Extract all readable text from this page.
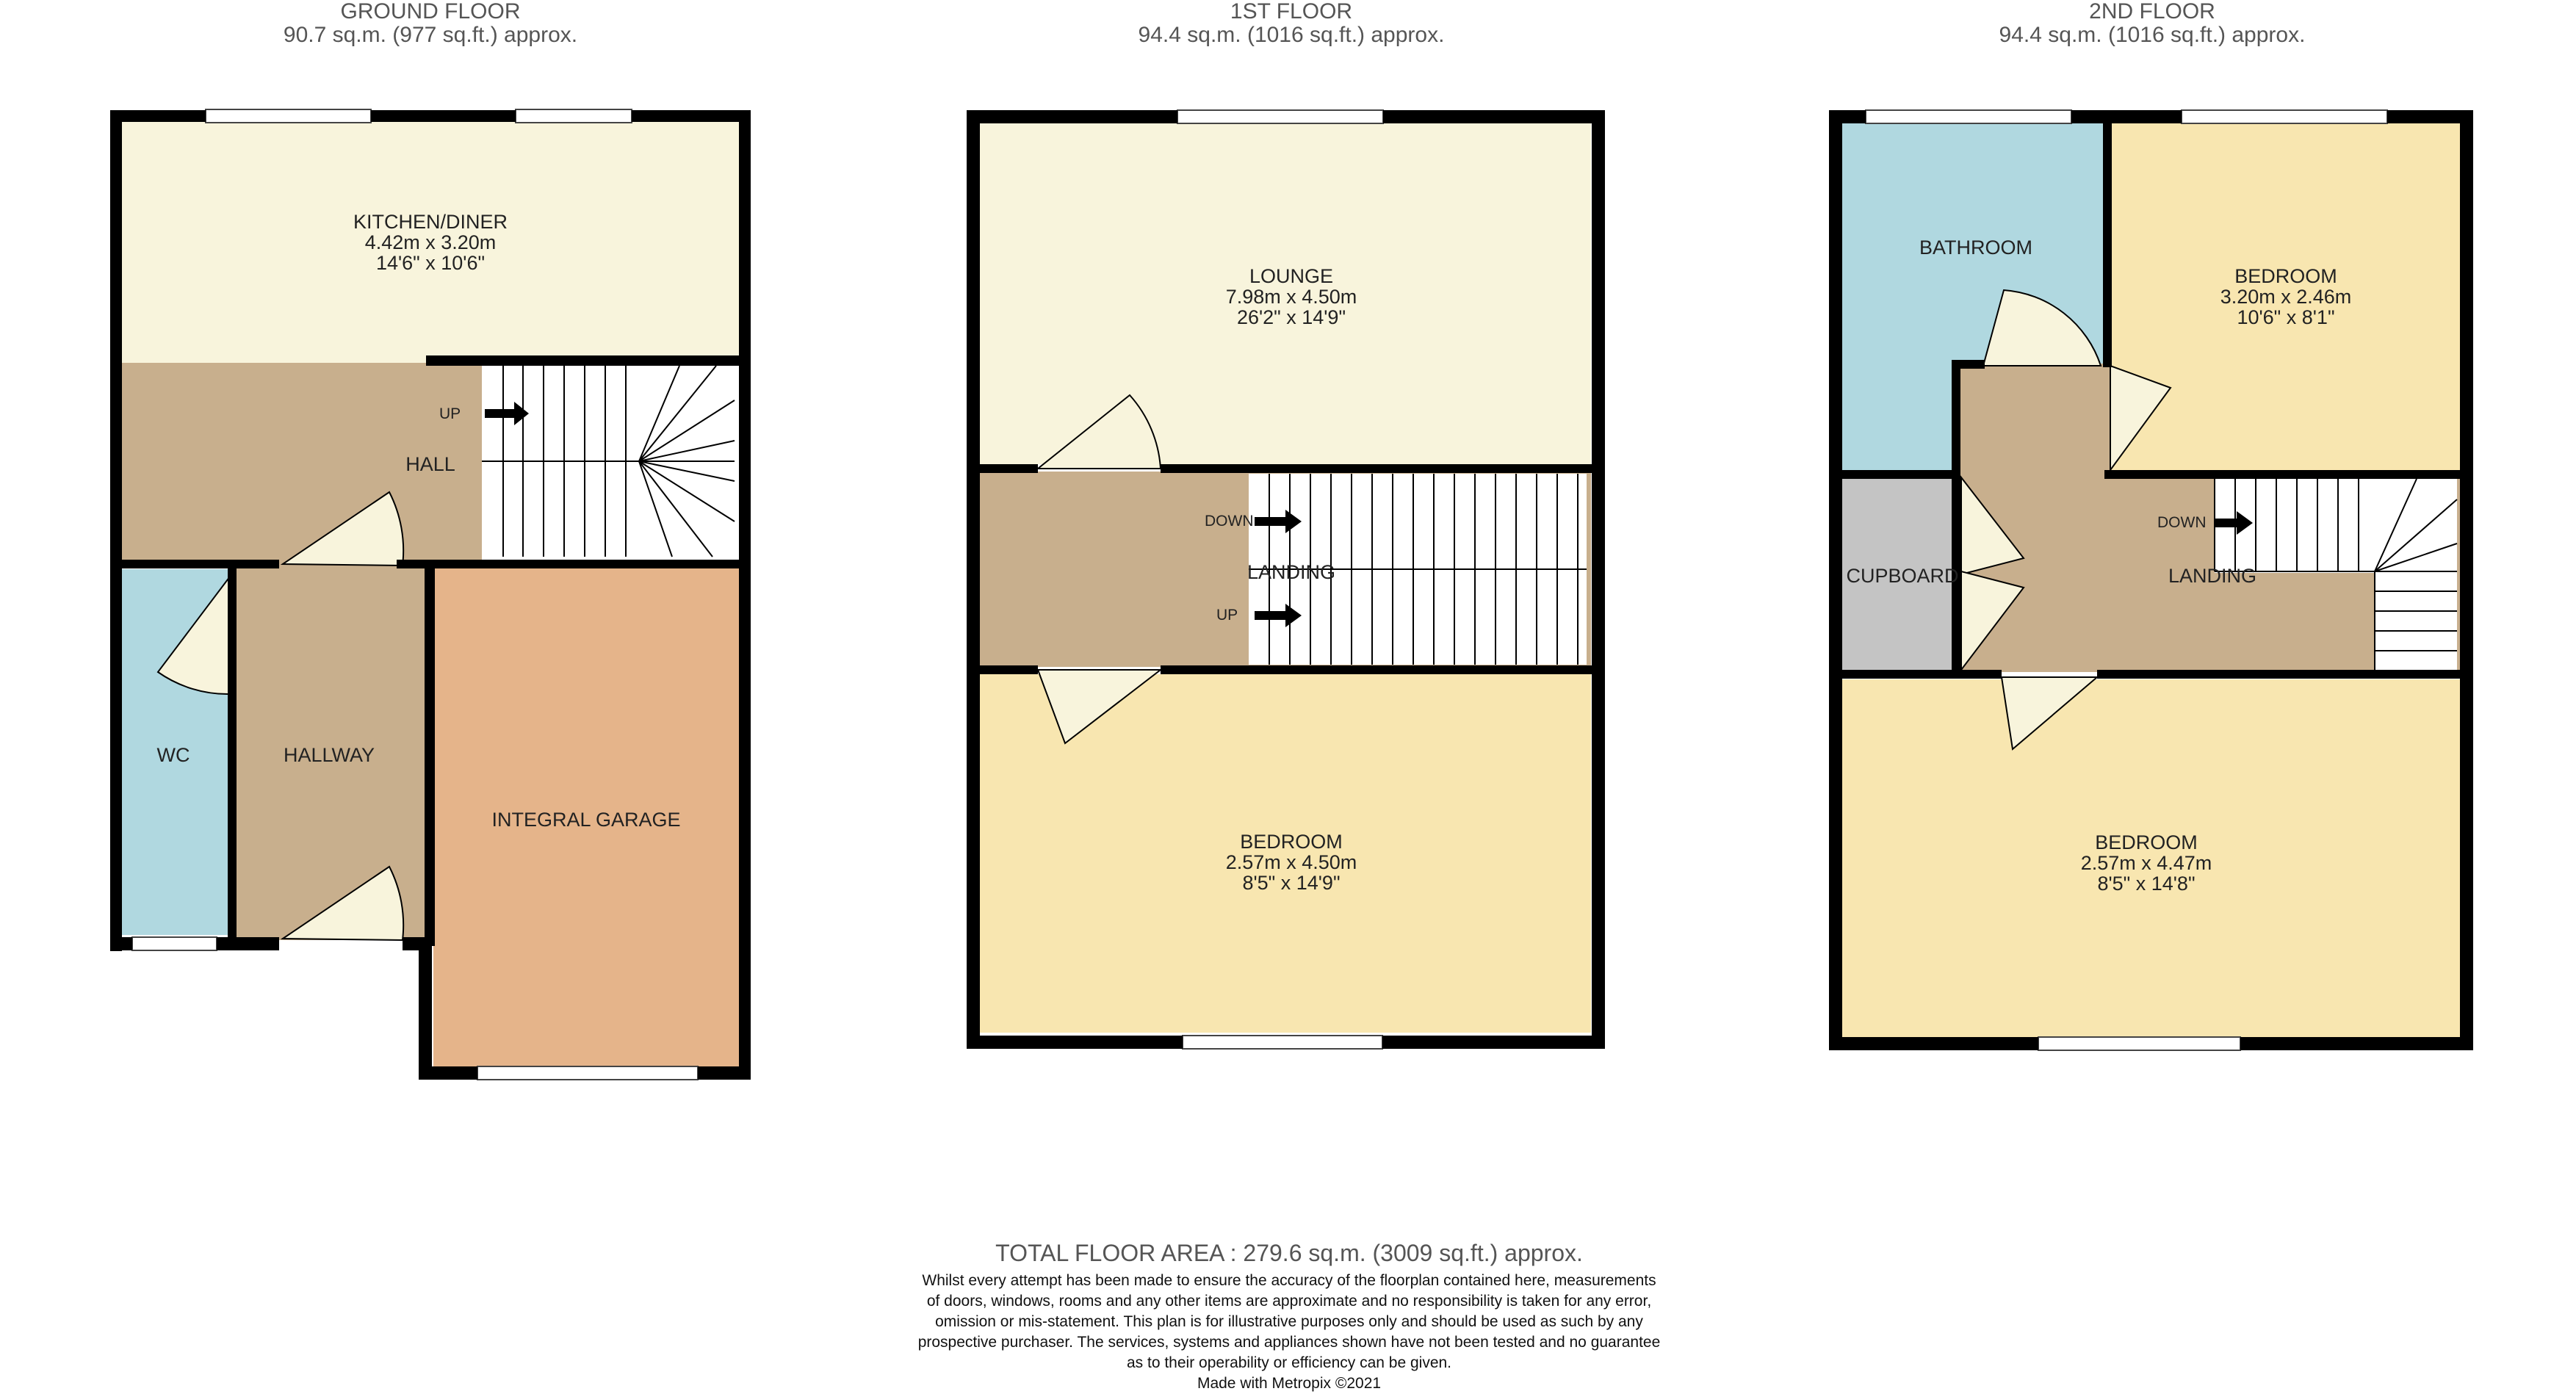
GROUND FLOOR
90.7 sq.m. (977 sq.ft.) approx.
1ST FLOOR
94.4 sq.m. (1016 sq.ft.) approx.
2ND FLOOR
94.4 sq.m. (1016 sq.ft.) approx.
KITCHEN/DINER
4.42m x 3.20m
14'6" x 10'6"
HALL
WC	HALLWAY
INTEGRAL GARAGE
UP
LOUNGE
7.98m x 4.50m
26'2" x 14'9"
LANDING
BEDROOM
2.57m x 4.50m
8'5" x 14'9"
DOWN
UP
BATHROOM
BEDROOM
3.20m x 2.46m
10'6" x 8'1"
CUPBOARD	LANDING
BEDROOM
2.57m x 4.47m
8'5" x 14'8"
DOWN
TOTAL FLOOR AREA : 279.6 sq.m. (3009 sq.ft.) approx.
Whilst every attempt has been made to ensure the accuracy of the floorplan contained here, measurements
of doors, windows, rooms and any other items are approximate and no responsibility is taken for any error,
omission or mis-statement. This plan is for illustrative purposes only and should be used as such by any
prospective purchaser. The services, systems and appliances shown have not been tested and no guarantee
as to their operability or efficiency can be given.
Made with Metropix ©2021
